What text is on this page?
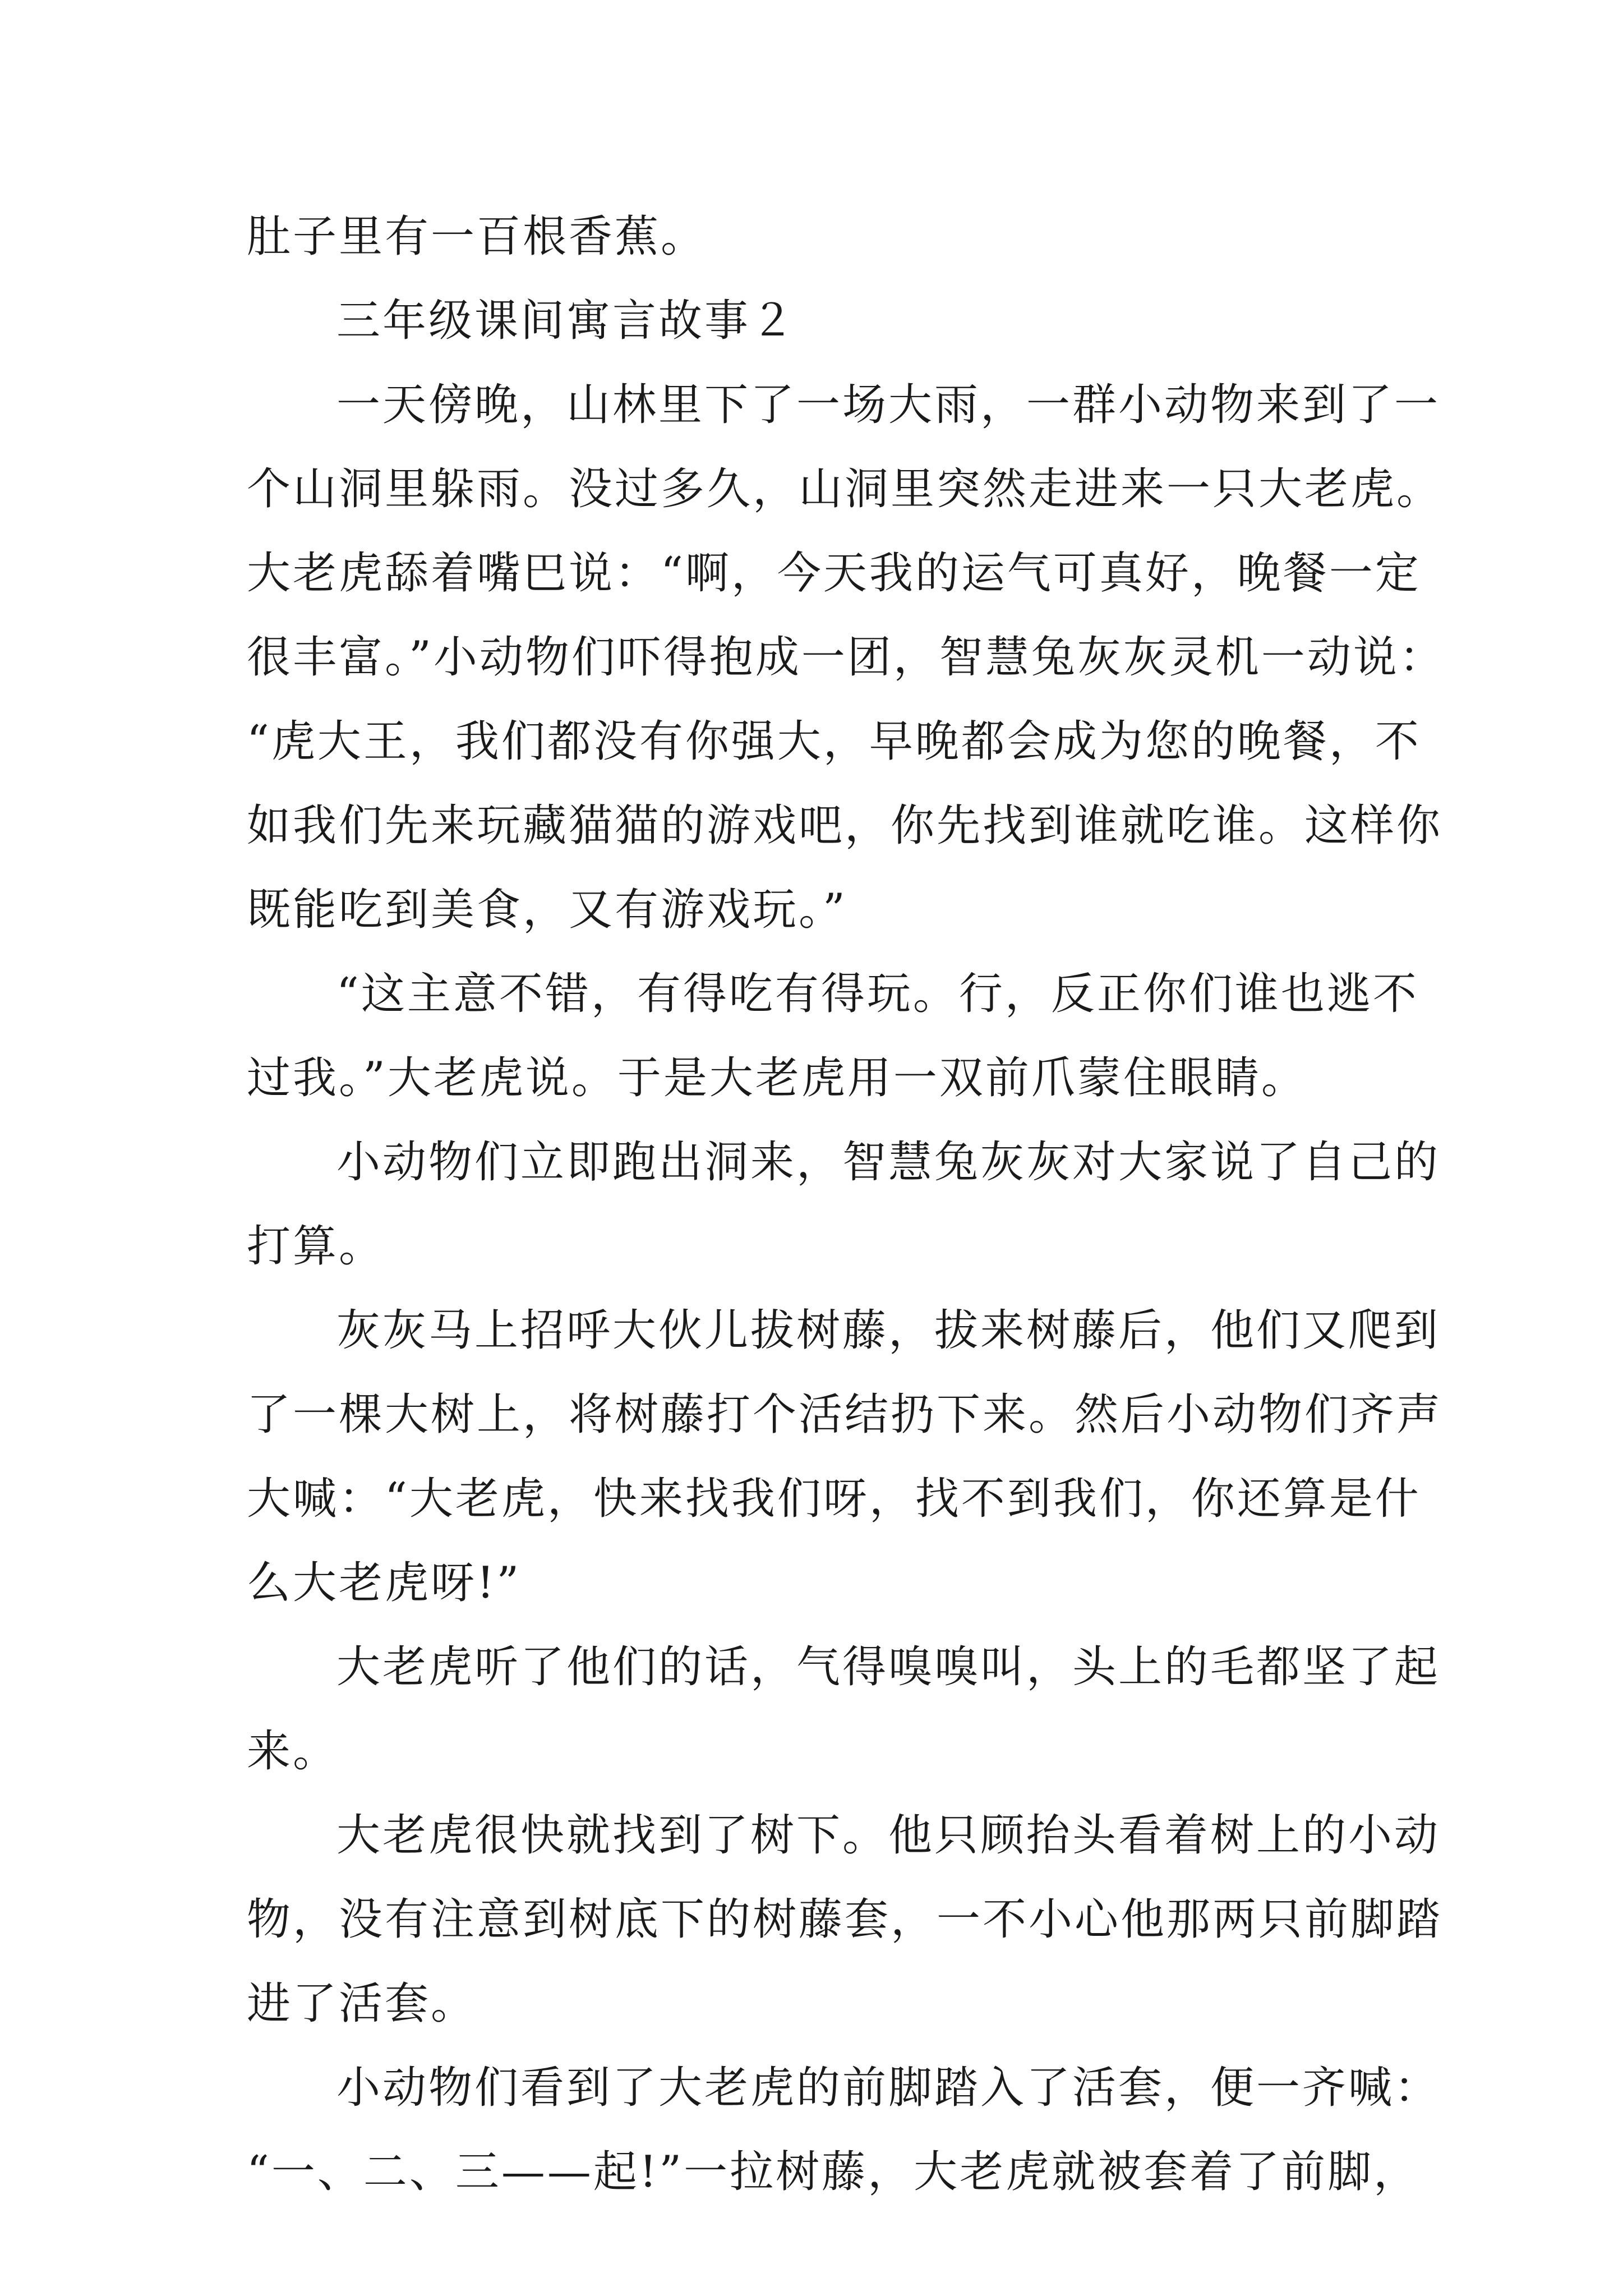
肚子里有一百根香蕉。
三年级课间寓言故事２
一天傍晚，山林里下了一场大雨，一群小动物来到了一
个山洞里躲雨。没过多久，山洞里突然走进来一只大老虎。
大老虎舔着嘴巴说：“啊，今天我的运气可真好，晚餐一定
很丰富。”小动物们吓得抱成一团，智慧兔灰灰灵机一动说：
“虎大王，我们都没有你强大，早晚都会成为您的晚餐，不
如我们先来玩藏猫猫的游戏吧，你先找到谁就吃谁。这样你
既能吃到美食，又有游戏玩。”
“这主意不错，有得吃有得玩。行，反正你们谁也逃不
过我。”大老虎说。于是大老虎用一双前爪蒙住眼睛。
小动物们立即跑出洞来，智慧兔灰灰对大家说了自己的
打算。
灰灰马上招呼大伙儿拔树藤，拔来树藤后，他们又爬到
了一棵大树上，将树藤打个活结扔下来。然后小动物们齐声
大喊：“大老虎，快来找我们呀，找不到我们，你还算是什
么大老虎呀!”
大老虎听了他们的话，气得嗅嗅叫，头上的毛都坚了起
来。
大老虎很快就找到了树下。他只顾抬头看着树上的小动
物，没有注意到树底下的树藤套，一不小心他那两只前脚踏
进了活套。
小动物们看到了大老虎的前脚踏入了活套，便一齐喊：
“一、二、三——起!”一拉树藤，大老虎就被套着了前脚，
